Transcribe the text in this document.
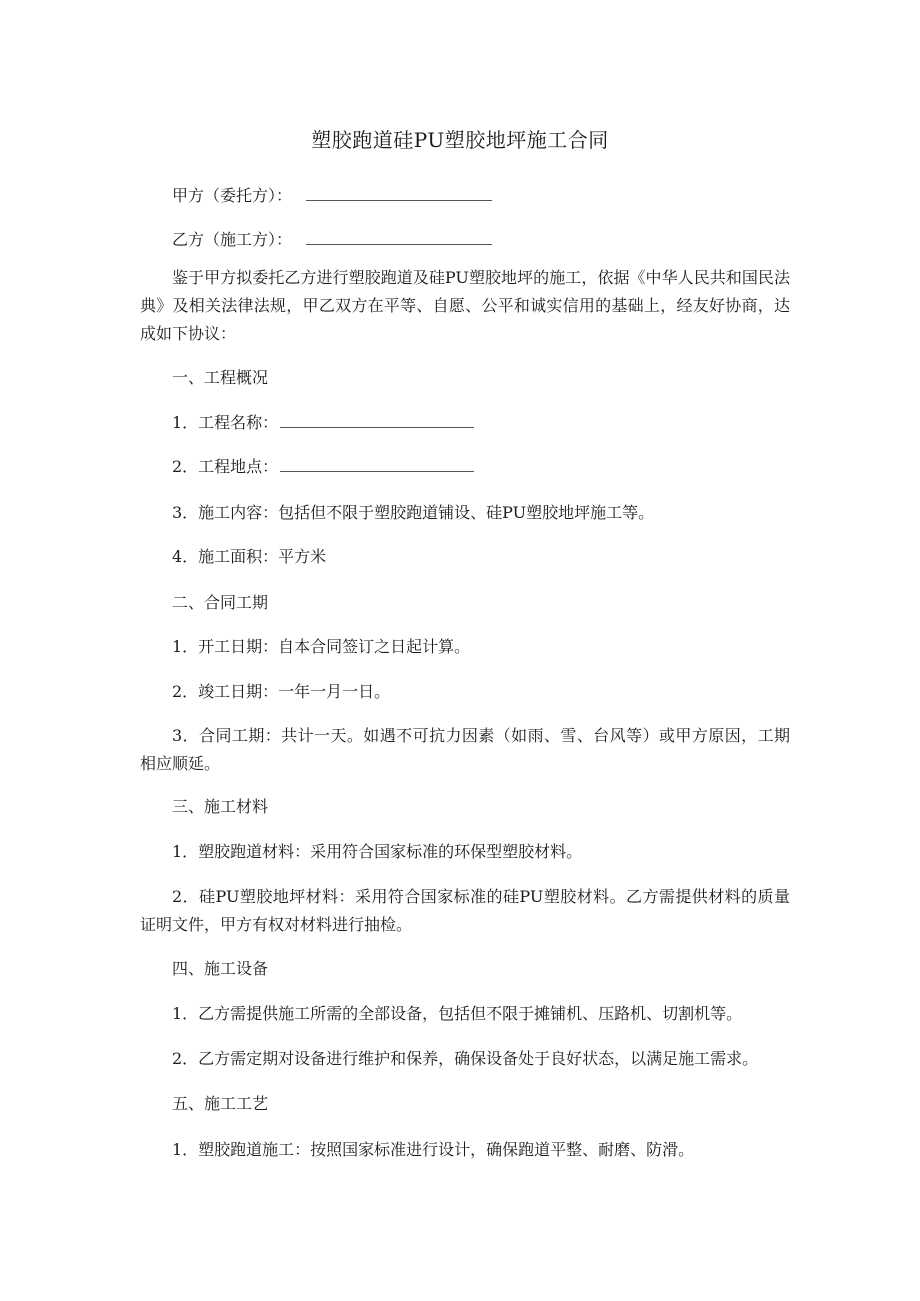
塑胶跑道硅PU塑胶地坪施工合同
甲方（委托方）：
乙方（施工方）：
鉴于甲方拟委托乙方进行塑胶跑道及硅PU塑胶地坪的施工，依据《中华人民共和国民法典》及相关法律法规，甲乙双方在平等、自愿、公平和诚实信用的基础上，经友好协商，达成如下协议：
一、工程概况
1．工程名称：
2．工程地点：
3．施工内容：包括但不限于塑胶跑道铺设、硅PU塑胶地坪施工等。
4．施工面积：平方米
二、合同工期
1．开工日期：自本合同签订之日起计算。
2．竣工日期：一年一月一日。
3．合同工期：共计一天。如遇不可抗力因素（如雨、雪、台风等）或甲方原因，工期相应顺延。
三、施工材料
1．塑胶跑道材料：采用符合国家标准的环保型塑胶材料。
2．硅PU塑胶地坪材料：采用符合国家标准的硅PU塑胶材料。乙方需提供材料的质量证明文件，甲方有权对材料进行抽检。
四、施工设备
1．乙方需提供施工所需的全部设备，包括但不限于摊铺机、压路机、切割机等。
2．乙方需定期对设备进行维护和保养，确保设备处于良好状态，以满足施工需求。
五、施工工艺
1．塑胶跑道施工：按照国家标准进行设计，确保跑道平整、耐磨、防滑。
